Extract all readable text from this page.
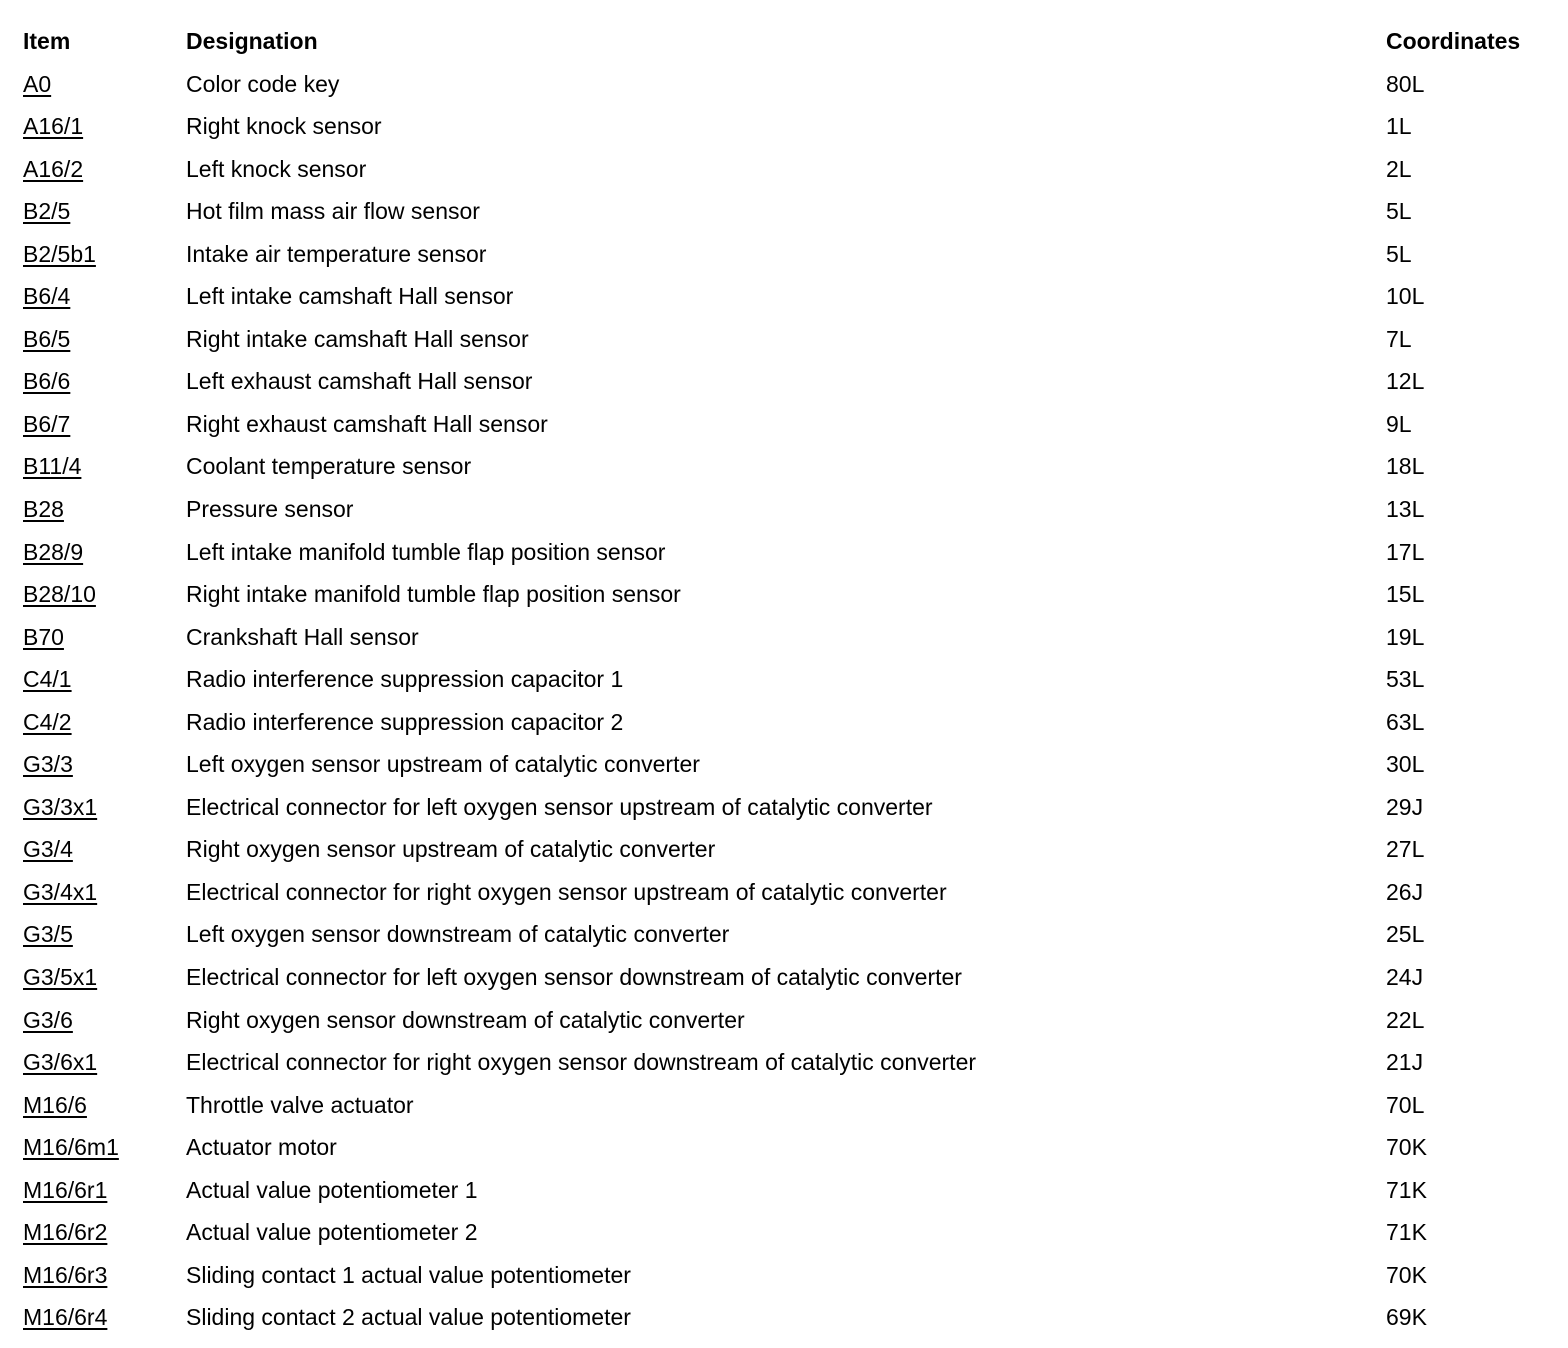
Item	Designation	Coordinates
A0	Color code key	80L
A16/1	Right knock sensor	1L
A16/2	Left knock sensor	2L
B2/5	Hot film mass air flow sensor	5L
B2/5b1	Intake air temperature sensor	5L
B6/4	Left intake camshaft Hall sensor	10L
B6/5	Right intake camshaft Hall sensor	7L
B6/6	Left exhaust camshaft Hall sensor	12L
B6/7	Right exhaust camshaft Hall sensor	9L
B11/4	Coolant temperature sensor	18L
B28	Pressure sensor	13L
B28/9	Left intake manifold tumble flap position sensor	17L
B28/10	Right intake manifold tumble flap position sensor	15L
B70	Crankshaft Hall sensor	19L
C4/1	Radio interference suppression capacitor 1	53L
C4/2	Radio interference suppression capacitor 2	63L
G3/3	Left oxygen sensor upstream of catalytic converter	30L
G3/3x1	Electrical connector for left oxygen sensor upstream of catalytic converter	29J
G3/4	Right oxygen sensor upstream of catalytic converter	27L
G3/4x1	Electrical connector for right oxygen sensor upstream of catalytic converter	26J
G3/5	Left oxygen sensor downstream of catalytic converter	25L
G3/5x1	Electrical connector for left oxygen sensor downstream of catalytic converter	24J
G3/6	Right oxygen sensor downstream of catalytic converter	22L
G3/6x1	Electrical connector for right oxygen sensor downstream of catalytic converter	21J
M16/6	Throttle valve actuator	70L
M16/6m1	Actuator motor	70K
M16/6r1	Actual value potentiometer 1	71K
M16/6r2	Actual value potentiometer 2	71K
M16/6r3	Sliding contact 1 actual value potentiometer	70K
M16/6r4	Sliding contact 2 actual value potentiometer	69K
